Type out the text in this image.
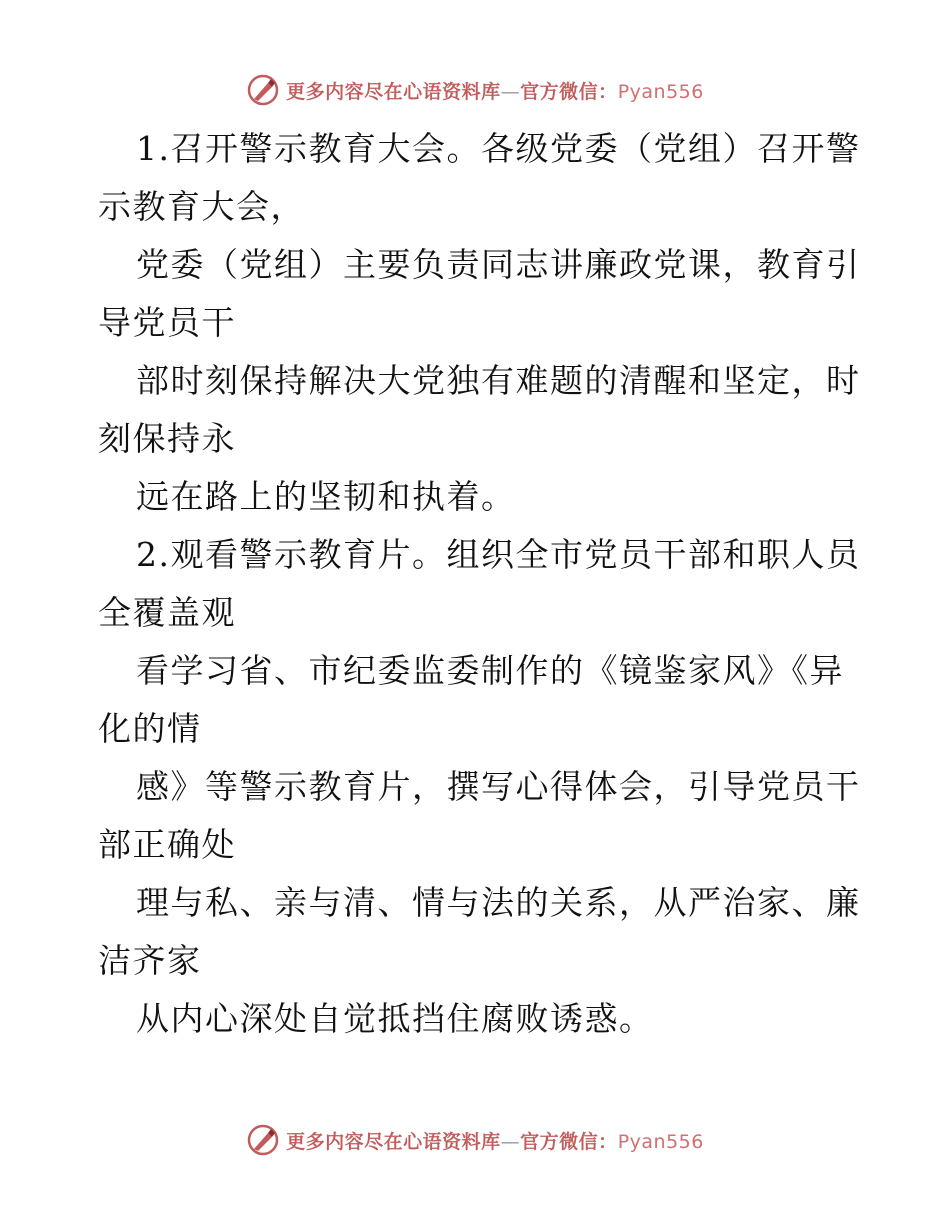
更多内容尽在心语资料库—官方微信：Pyan556
1.召开警示教育大会。各级党委（党组）召开警
示教育大会，
党委（党组）主要负责同志讲廉政党课，教育引
导党员干
部时刻保持解决大党独有难题的清醒和坚定，时
刻保持永
远在路上的坚韧和执着。
2.观看警示教育片。组织全市党员干部和职人员
全覆盖观
看学习省、市纪委监委制作的《镜鉴家风》《异
化的情
感》等警示教育片，撰写心得体会，引导党员干
部正确处
理与私、亲与清、情与法的关系，从严治家、廉
洁齐家
从内心深处自觉抵挡住腐败诱惑。
更多内容尽在心语资料库—官方微信：Pyan556
